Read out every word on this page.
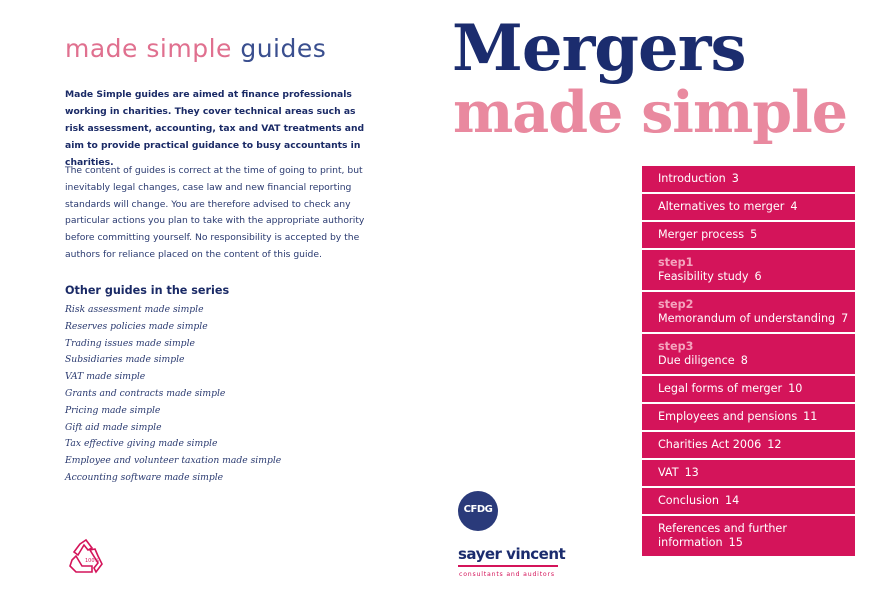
made simple guides

Made Simple guides are aimed at finance professionals working in charities. They cover technical areas such as risk assessment, accounting, tax and VAT treatments and aim to provide practical guidance to busy accountants in charities.

The content of guides is correct at the time of going to print, but inevitably legal changes, case law and new financial reporting standards will change. You are therefore advised to check any particular actions you plan to take with the appropriate authority before committing yourself. No responsibility is accepted by the authors for reliance placed on the content of this guide.

Other guides in the series
Risk assessment made simple
Reserves policies made simple
Trading issues made simple
Subsidiaries made simple
VAT made simple
Grants and contracts made simple
Pricing made simple
Gift aid made simple
Tax effective giving made simple
Employee and volunteer taxation made simple
Accounting software made simple
100%
Mergers
made simple
Introduction 3
Alternatives to merger 4
Merger process 5
step1
Feasibility study 6
step2
Memorandum of understanding 7
step3
Due diligence 8
Legal forms of merger 10
Employees and pensions 11
Charities Act 2006 12
VAT 13
Conclusion 14
References and further information 15
CFDG
sayer vincent
consultants and auditors
